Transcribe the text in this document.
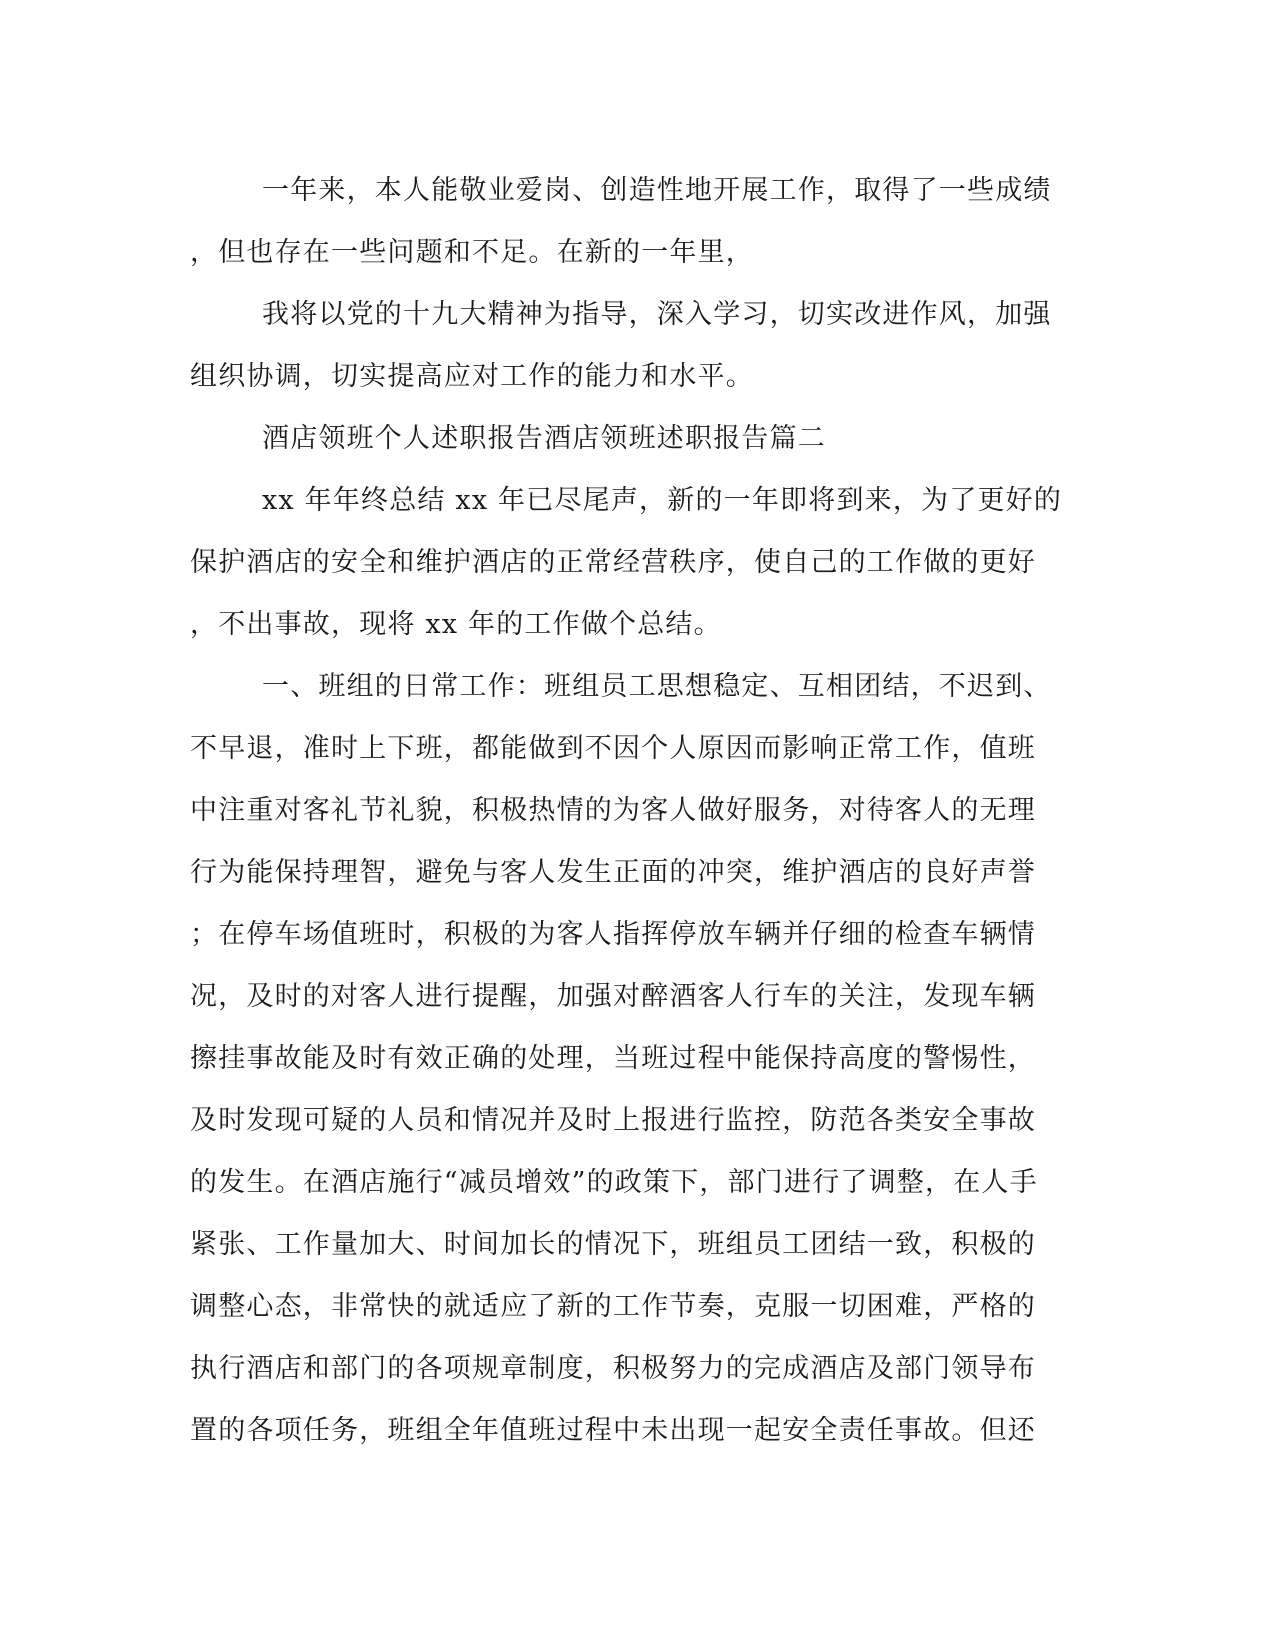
一年来，本人能敬业爱岗、创造性地开展工作，取得了一些成绩
，但也存在一些问题和不足。在新的一年里，
我将以党的十九大精神为指导，深入学习，切实改进作风，加强
组织协调，切实提高应对工作的能力和水平。
酒店领班个人述职报告酒店领班述职报告篇二
xx 年年终总结 xx 年已尽尾声，新的一年即将到来，为了更好的
保护酒店的安全和维护酒店的正常经营秩序，使自己的工作做的更好
，不出事故，现将 xx 年的工作做个总结。
一、班组的日常工作：班组员工思想稳定、互相团结，不迟到、
不早退，准时上下班，都能做到不因个人原因而影响正常工作，值班
中注重对客礼节礼貌，积极热情的为客人做好服务，对待客人的无理
行为能保持理智，避免与客人发生正面的冲突，维护酒店的良好声誉
；在停车场值班时，积极的为客人指挥停放车辆并仔细的检查车辆情
况，及时的对客人进行提醒，加强对醉酒客人行车的关注，发现车辆
擦挂事故能及时有效正确的处理，当班过程中能保持高度的警惕性，
及时发现可疑的人员和情况并及时上报进行监控，防范各类安全事故
的发生。在酒店施行“减员增效”的政策下，部门进行了调整，在人手
紧张、工作量加大、时间加长的情况下，班组员工团结一致，积极的
调整心态，非常快的就适应了新的工作节奏，克服一切困难，严格的
执行酒店和部门的各项规章制度，积极努力的完成酒店及部门领导布
置的各项任务，班组全年值班过程中未出现一起安全责任事故。但还
